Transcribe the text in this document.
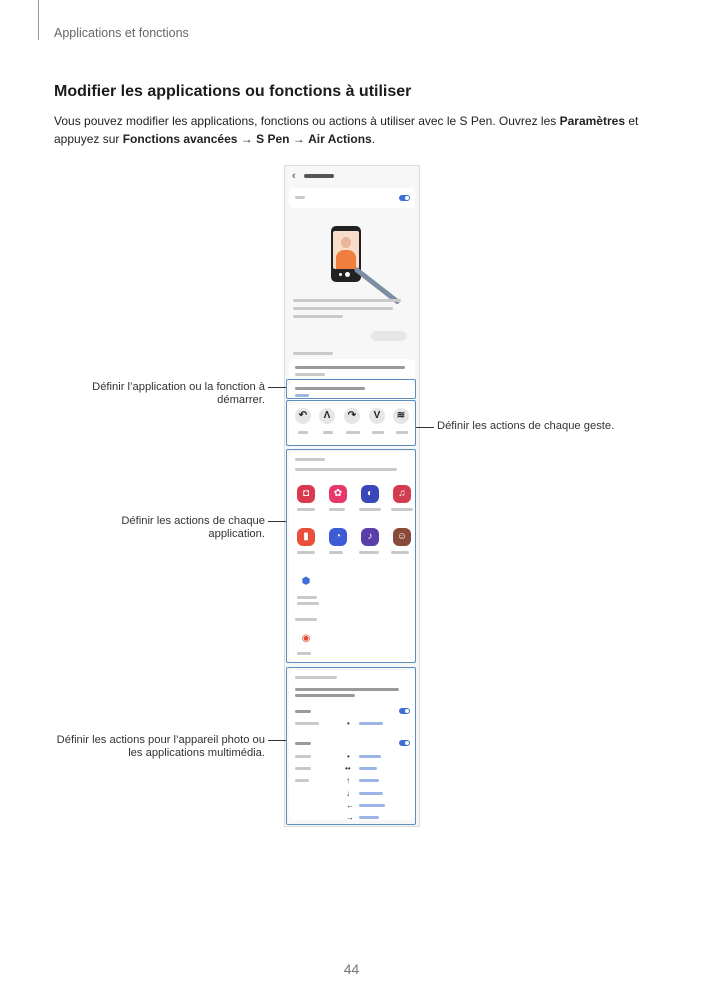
Applications et fonctions
Modifier les applications ou fonctions à utiliser

Vous pouvez modifier les applications, fonctions ou actions à utiliser avec le S Pen. Ouvrez les Paramètres et appuyez sur Fonctions avancées → S Pen → Air Actions.

‹
↶	Ʌ	↷	V	≋
◘	✿	◐	♫
▮	◔	♪	☺
⬢
◉
•
•
••
↑
↓
←
→
Définir l’application ou la fonction à démarrer.
Définir les actions de chaque geste.
Définir les actions de chaque application.
Définir les actions pour l’appareil photo ou les applications multimédia.
44
